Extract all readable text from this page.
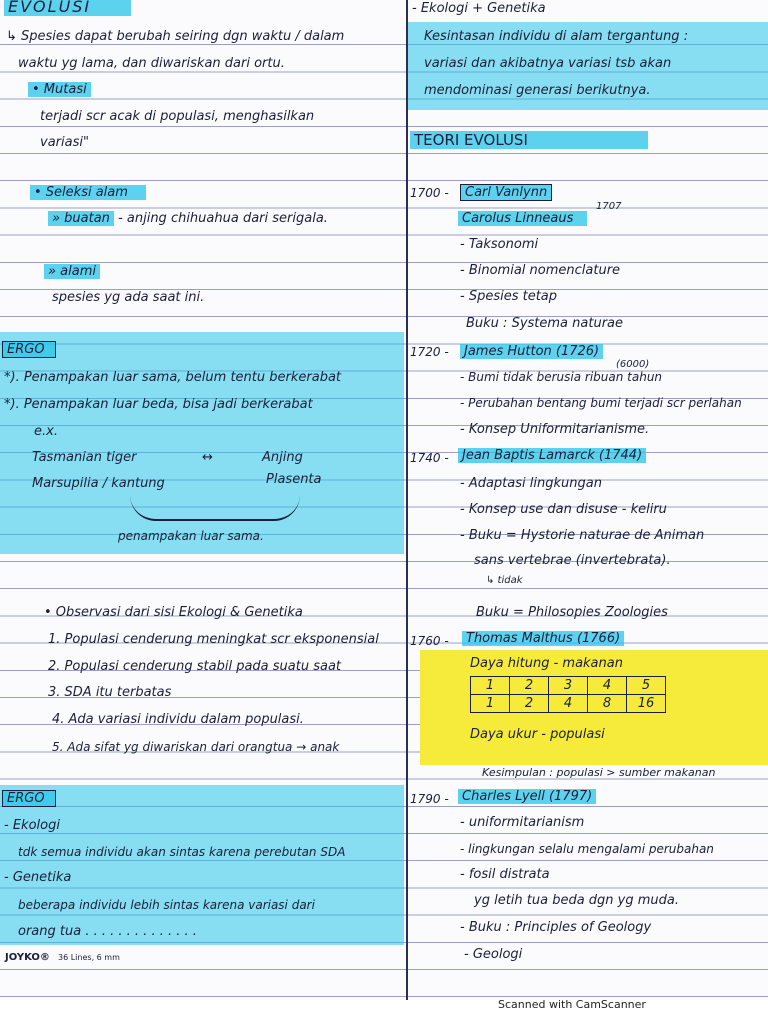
EVOLUSI
↳ Spesies dapat berubah seiring dgn waktu / dalam
waktu yg lama, dan diwariskan dari ortu.
• Mutasi
terjadi scr acak di populasi, menghasilkan
variasi"
• Seleksi alam
» buatan - anjing chihuahua dari serigala.
» alami
spesies yg ada saat ini.
ERGO
*). Penampakan luar sama, belum tentu berkerabat
*). Penampakan luar beda, bisa jadi berkerabat
e.x.
Tasmanian tiger	↔	Anjing
Marsupilia / kantung	Plasenta
penampakan luar sama.
• Observasi dari sisi Ekologi & Genetika
1. Populasi cenderung meningkat scr eksponensial
2. Populasi cenderung stabil pada suatu saat
3. SDA itu terbatas
4. Ada variasi individu dalam populasi.
5. Ada sifat yg diwariskan dari orangtua → anak
ERGO
- Ekologi
tdk semua individu akan sintas karena perebutan SDA
- Genetika
beberapa individu lebih sintas karena variasi dari
orang tua . . . . . . . . . . . . . .
- Ekologi + Genetika
Kesintasan individu di alam tergantung :
variasi dan akibatnya variasi tsb akan
mendominasi generasi berikutnya.
TEORI EVOLUSI
1700 -	Carl Vanlynn
1707
Carolus Linneaus
- Taksonomi
- Binomial nomenclature
- Spesies tetap
Buku : Systema naturae
1720 -	James Hutton (1726)
(6000)
- Bumi tidak berusia ribuan tahun
- Perubahan bentang bumi terjadi scr perlahan
- Konsep Uniformitarianisme.
1740 -	Jean Baptis Lamarck (1744)
- Adaptasi lingkungan
- Konsep use dan disuse - keliru
- Buku = Hystorie naturae de Animan
sans vertebrae (invertebrata).
↳ tidak
Buku = Philosopies Zoologies
1760 -	Thomas Malthus (1766)
Daya hitung - makanan
1	2	3	4	5
1	2	4	8	16
Daya ukur - populasi
Kesimpulan : populasi > sumber makanan
1790 -	Charles Lyell (1797)
- uniformitarianism
- lingkungan selalu mengalami perubahan
- fosil distrata
yg letih tua beda dgn yg muda.
- Buku : Principles of Geology
- Geologi
JOYKO® 36 Lines, 6 mm
Scanned with CamScanner
